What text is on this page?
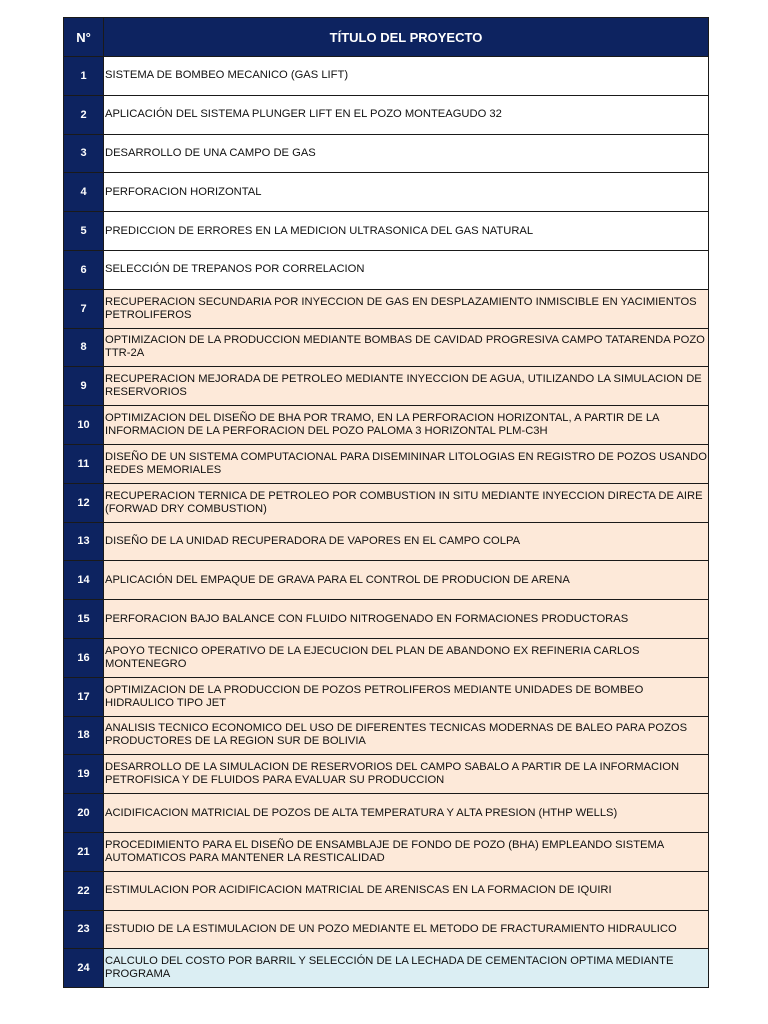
N°	TÍTULO DEL PROYECTO
1	SISTEMA DE BOMBEO MECANICO (GAS LIFT)
2	APLICACIÓN DEL SISTEMA PLUNGER LIFT EN EL POZO MONTEAGUDO 32
3	DESARROLLO DE UNA CAMPO DE GAS
4	PERFORACION HORIZONTAL
5	PREDICCION DE ERRORES EN LA MEDICION ULTRASONICA DEL GAS NATURAL
6	SELECCIÓN DE TREPANOS POR CORRELACION
7	RECUPERACION SECUNDARIA POR INYECCION DE GAS EN DESPLAZAMIENTO INMISCIBLE EN YACIMIENTOS PETROLIFEROS
8	OPTIMIZACION DE LA PRODUCCION MEDIANTE BOMBAS DE CAVIDAD PROGRESIVA CAMPO TATARENDA POZO TTR-2A
9	RECUPERACION MEJORADA DE PETROLEO MEDIANTE INYECCION DE AGUA, UTILIZANDO LA SIMULACION DE RESERVORIOS
10	OPTIMIZACION DEL DISEÑO DE BHA POR TRAMO, EN LA PERFORACION HORIZONTAL, A PARTIR DE LA INFORMACION DE LA PERFORACION DEL POZO PALOMA 3 HORIZONTAL PLM-C3H
11	DISEÑO DE UN SISTEMA COMPUTACIONAL PARA DISEMININAR LITOLOGIAS EN REGISTRO DE POZOS USANDO REDES MEMORIALES
12	RECUPERACION TERNICA DE PETROLEO POR COMBUSTION IN SITU MEDIANTE INYECCION DIRECTA DE AIRE (FORWAD DRY COMBUSTION)
13	DISEÑO DE LA UNIDAD RECUPERADORA DE VAPORES EN EL CAMPO COLPA
14	APLICACIÓN DEL EMPAQUE DE GRAVA PARA EL CONTROL DE PRODUCION DE ARENA
15	PERFORACION BAJO BALANCE CON FLUIDO NITROGENADO EN FORMACIONES PRODUCTORAS
16	APOYO TECNICO OPERATIVO DE LA EJECUCION DEL PLAN DE ABANDONO EX REFINERIA CARLOS MONTENEGRO
17	OPTIMIZACION DE LA PRODUCCION DE POZOS PETROLIFEROS MEDIANTE UNIDADES DE BOMBEO HIDRAULICO TIPO JET
18	ANALISIS TECNICO ECONOMICO DEL USO DE DIFERENTES TECNICAS MODERNAS DE BALEO PARA POZOS PRODUCTORES DE LA REGION SUR DE BOLIVIA
19	DESARROLLO DE LA SIMULACION DE RESERVORIOS DEL CAMPO SABALO A PARTIR DE LA INFORMACION PETROFISICA Y DE FLUIDOS PARA EVALUAR SU PRODUCCION
20	ACIDIFICACION MATRICIAL DE POZOS DE ALTA TEMPERATURA Y ALTA PRESION (HTHP WELLS)
21	PROCEDIMIENTO PARA EL DISEÑO DE ENSAMBLAJE DE FONDO DE POZO (BHA) EMPLEANDO SISTEMA AUTOMATICOS PARA MANTENER LA RESTICALIDAD
22	ESTIMULACION POR ACIDIFICACION MATRICIAL DE ARENISCAS EN LA FORMACION DE IQUIRI
23	ESTUDIO DE LA ESTIMULACION DE UN POZO MEDIANTE EL METODO DE FRACTURAMIENTO HIDRAULICO
24	CALCULO DEL COSTO POR BARRIL Y SELECCIÓN DE LA LECHADA DE CEMENTACION OPTIMA MEDIANTE PROGRAMA
